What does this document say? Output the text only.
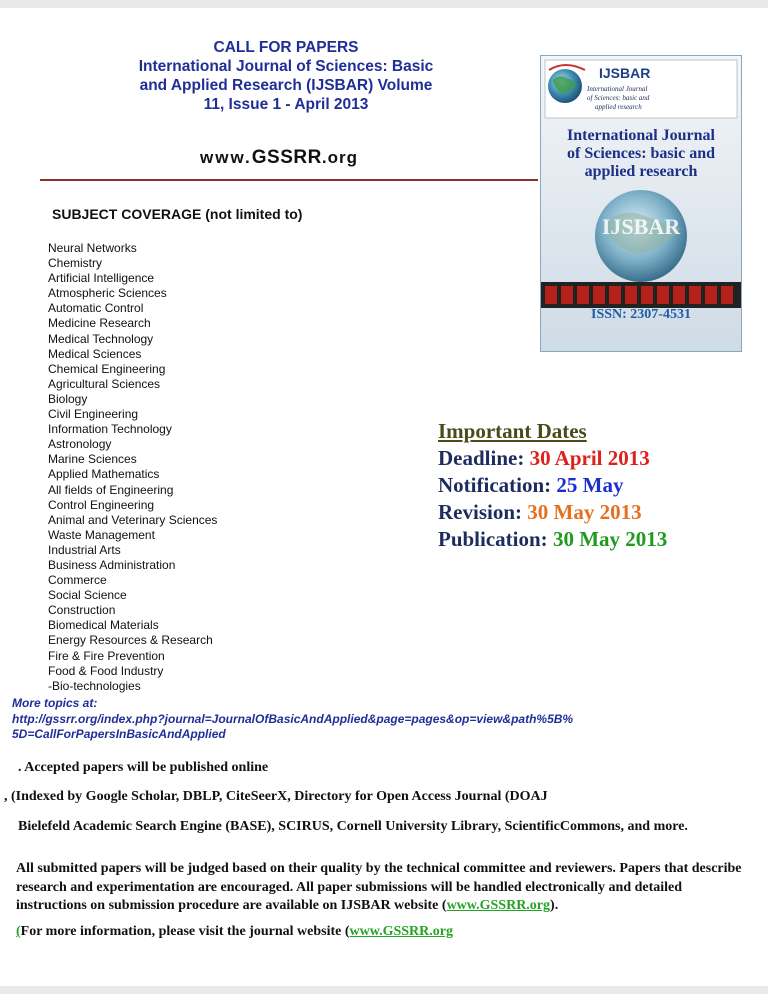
CALL FOR PAPERS
International Journal of Sciences: Basic
and Applied Research (IJSBAR) Volume
11, Issue 1 - April 2013
www.GSSRR.org
IJSBAR
International Journal
of Sciences: basic and
applied research
International Journal
of Sciences: basic and
applied research
IJSBAR
ISSN: 2307-4531
SUBJECT COVERAGE (not limited to)
Neural Networks
Chemistry
Artificial Intelligence
Atmospheric Sciences
Automatic Control
Medicine Research
Medical Technology
Medical Sciences
Chemical Engineering
Agricultural Sciences
Biology
Civil Engineering
Information Technology
Astronology
Marine Sciences
Applied Mathematics
All fields of Engineering
Control Engineering
Animal and Veterinary Sciences
Waste Management
Industrial Arts
Business Administration
Commerce
Social Science
Construction
Biomedical Materials
Energy Resources & Research
Fire & Fire Prevention
Food & Food Industry
-Bio-technologies
Important Dates
Deadline: 30 April 2013
Notification: 25 May
Revision: 30 May 2013
Publication: 30 May 2013
More topics at:
http://gssrr.org/index.php?journal=JournalOfBasicAndApplied&page=pages&op=view&path%5B%
5D=CallForPapersInBasicAndApplied
. Accepted papers will be published online
, (Indexed by Google Scholar, DBLP, CiteSeerX, Directory for Open Access Journal (DOAJ
Bielefeld Academic Search Engine (BASE), SCIRUS, Cornell University Library, ScientificCommons, and more.
All submitted papers will be judged based on their quality by the technical committee and reviewers. Papers that describe research and experimentation are encouraged. All paper submissions will be handled electronically and detailed instructions on submission procedure are available on IJSBAR website (www.GSSRR.org).
(For more information, please visit the journal website (www.GSSRR.org
